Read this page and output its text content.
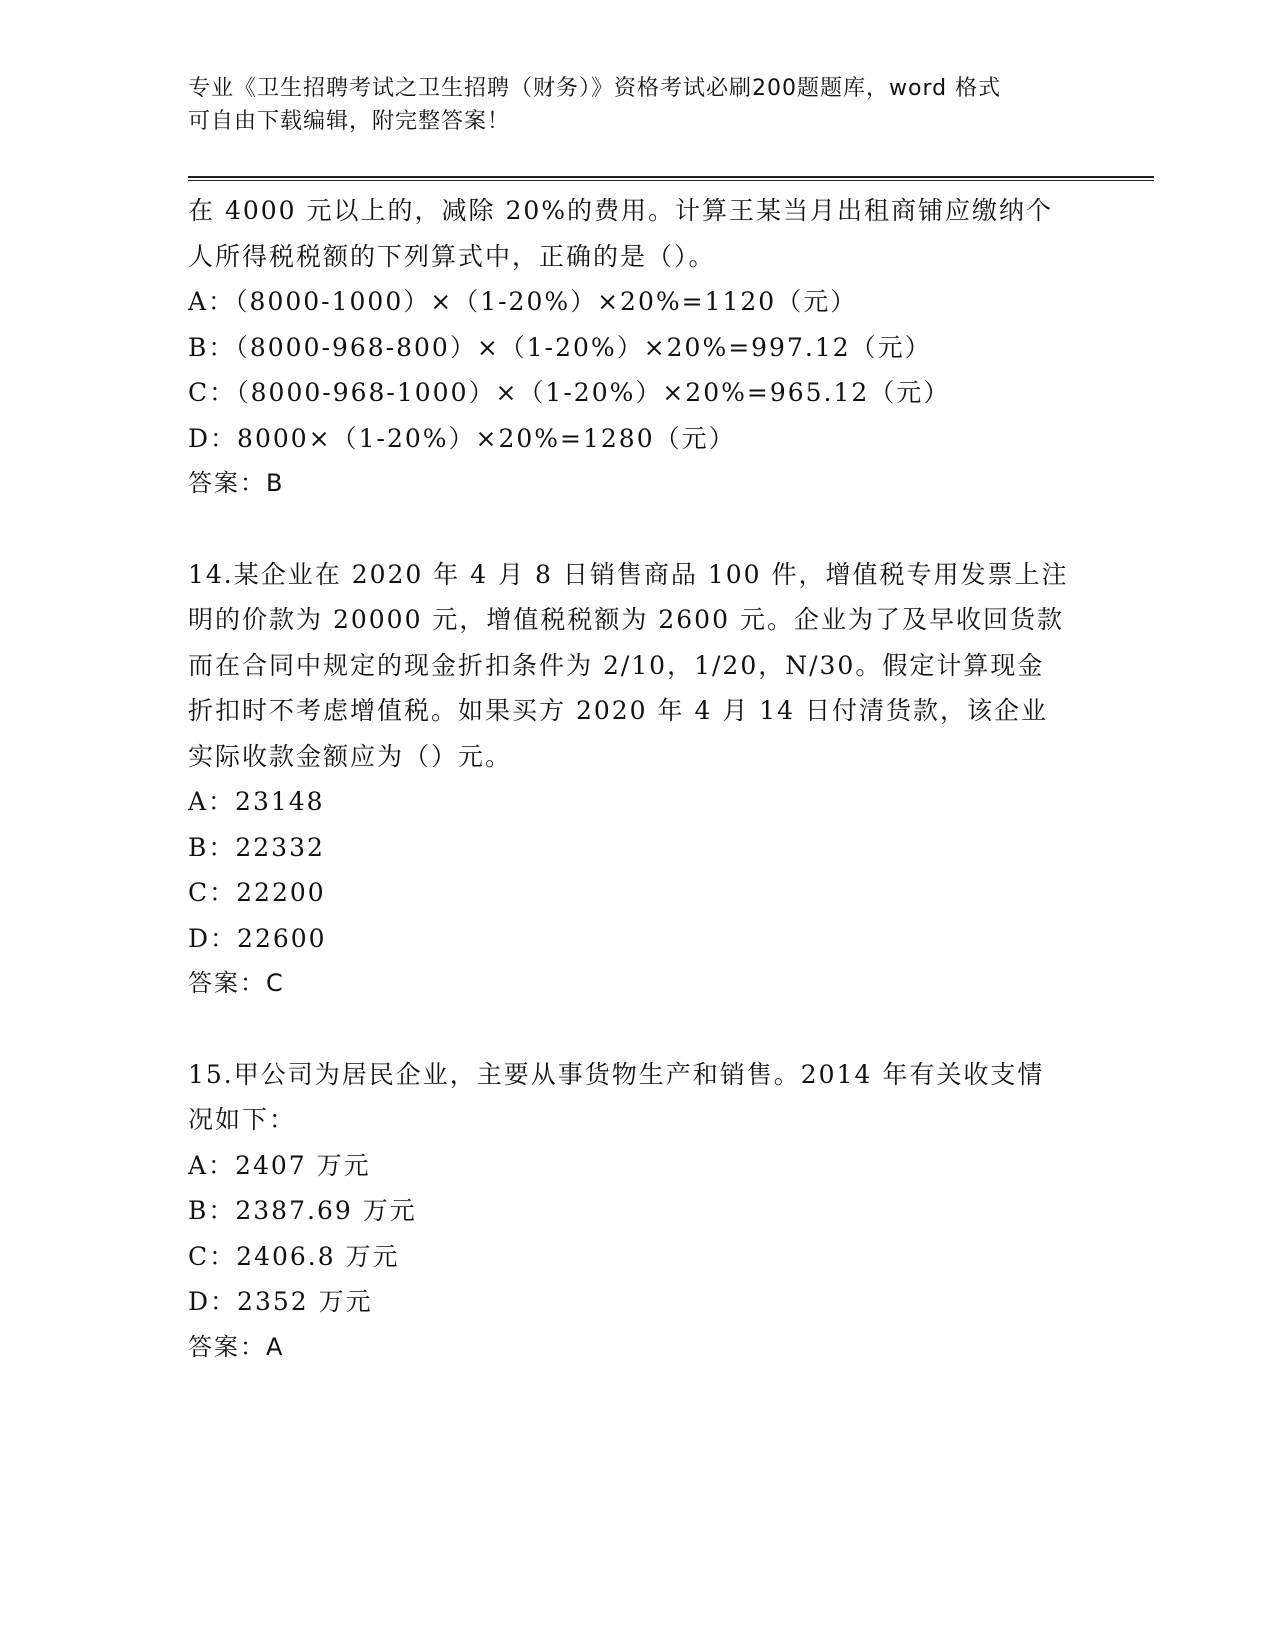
专业《卫生招聘考试之卫生招聘（财务）》资格考试必刷200题题库，word 格式
可自由下载编辑，附完整答案！
在 4000 元以上的，减除 20%的费用。计算王某当月出租商铺应缴纳个
人所得税税额的下列算式中，正确的是（）。
A：（8000-1000）×（1-20%）×20%=1120（元）
B：（8000-968-800）×（1-20%）×20%=997.12（元）
C：（8000-968-1000）×（1-20%）×20%=965.12（元）
D：8000×（1-20%）×20%=1280（元）
答案：B
14.某企业在 2020 年 4 月 8 日销售商品 100 件，增值税专用发票上注
明的价款为 20000 元，增值税税额为 2600 元。企业为了及早收回货款
而在合同中规定的现金折扣条件为 2/10，1/20，N/30。假定计算现金
折扣时不考虑增值税。如果买方 2020 年 4 月 14 日付清货款，该企业
实际收款金额应为（）元。
A：23148
B：22332
C：22200
D：22600
答案：C
15.甲公司为居民企业，主要从事货物生产和销售。2014 年有关收支情
况如下：
A：2407 万元
B：2387.69 万元
C：2406.8 万元
D：2352 万元
答案：A
